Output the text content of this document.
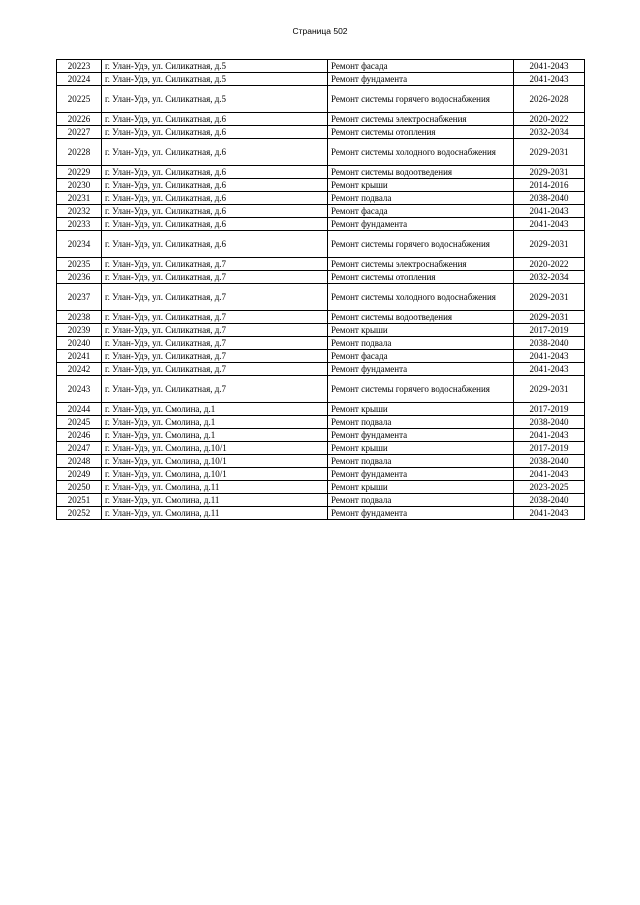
Страница 502
20223	г. Улан-Удэ, ул. Силикатная, д.5	Ремонт фасада	2041-2043
20224	г. Улан-Удэ, ул. Силикатная, д.5	Ремонт фундамента	2041-2043
20225	г. Улан-Удэ, ул. Силикатная, д.5	Ремонт системы горячего водоснабжения	2026-2028
20226	г. Улан-Удэ, ул. Силикатная, д.6	Ремонт системы электроснабжения	2020-2022
20227	г. Улан-Удэ, ул. Силикатная, д.6	Ремонт системы отопления	2032-2034
20228	г. Улан-Удэ, ул. Силикатная, д.6	Ремонт системы холодного водоснабжения	2029-2031
20229	г. Улан-Удэ, ул. Силикатная, д.6	Ремонт системы водоотведения	2029-2031
20230	г. Улан-Удэ, ул. Силикатная, д.6	Ремонт крыши	2014-2016
20231	г. Улан-Удэ, ул. Силикатная, д.6	Ремонт подвала	2038-2040
20232	г. Улан-Удэ, ул. Силикатная, д.6	Ремонт фасада	2041-2043
20233	г. Улан-Удэ, ул. Силикатная, д.6	Ремонт фундамента	2041-2043
20234	г. Улан-Удэ, ул. Силикатная, д.6	Ремонт системы горячего водоснабжения	2029-2031
20235	г. Улан-Удэ, ул. Силикатная, д.7	Ремонт системы электроснабжения	2020-2022
20236	г. Улан-Удэ, ул. Силикатная, д.7	Ремонт системы отопления	2032-2034
20237	г. Улан-Удэ, ул. Силикатная, д.7	Ремонт системы холодного водоснабжения	2029-2031
20238	г. Улан-Удэ, ул. Силикатная, д.7	Ремонт системы водоотведения	2029-2031
20239	г. Улан-Удэ, ул. Силикатная, д.7	Ремонт крыши	2017-2019
20240	г. Улан-Удэ, ул. Силикатная, д.7	Ремонт подвала	2038-2040
20241	г. Улан-Удэ, ул. Силикатная, д.7	Ремонт фасада	2041-2043
20242	г. Улан-Удэ, ул. Силикатная, д.7	Ремонт фундамента	2041-2043
20243	г. Улан-Удэ, ул. Силикатная, д.7	Ремонт системы горячего водоснабжения	2029-2031
20244	г. Улан-Удэ, ул. Смолина, д.1	Ремонт крыши	2017-2019
20245	г. Улан-Удэ, ул. Смолина, д.1	Ремонт подвала	2038-2040
20246	г. Улан-Удэ, ул. Смолина, д.1	Ремонт фундамента	2041-2043
20247	г. Улан-Удэ, ул. Смолина, д.10/1	Ремонт крыши	2017-2019
20248	г. Улан-Удэ, ул. Смолина, д.10/1	Ремонт подвала	2038-2040
20249	г. Улан-Удэ, ул. Смолина, д.10/1	Ремонт фундамента	2041-2043
20250	г. Улан-Удэ, ул. Смолина, д.11	Ремонт крыши	2023-2025
20251	г. Улан-Удэ, ул. Смолина, д.11	Ремонт подвала	2038-2040
20252	г. Улан-Удэ, ул. Смолина, д.11	Ремонт фундамента	2041-2043
